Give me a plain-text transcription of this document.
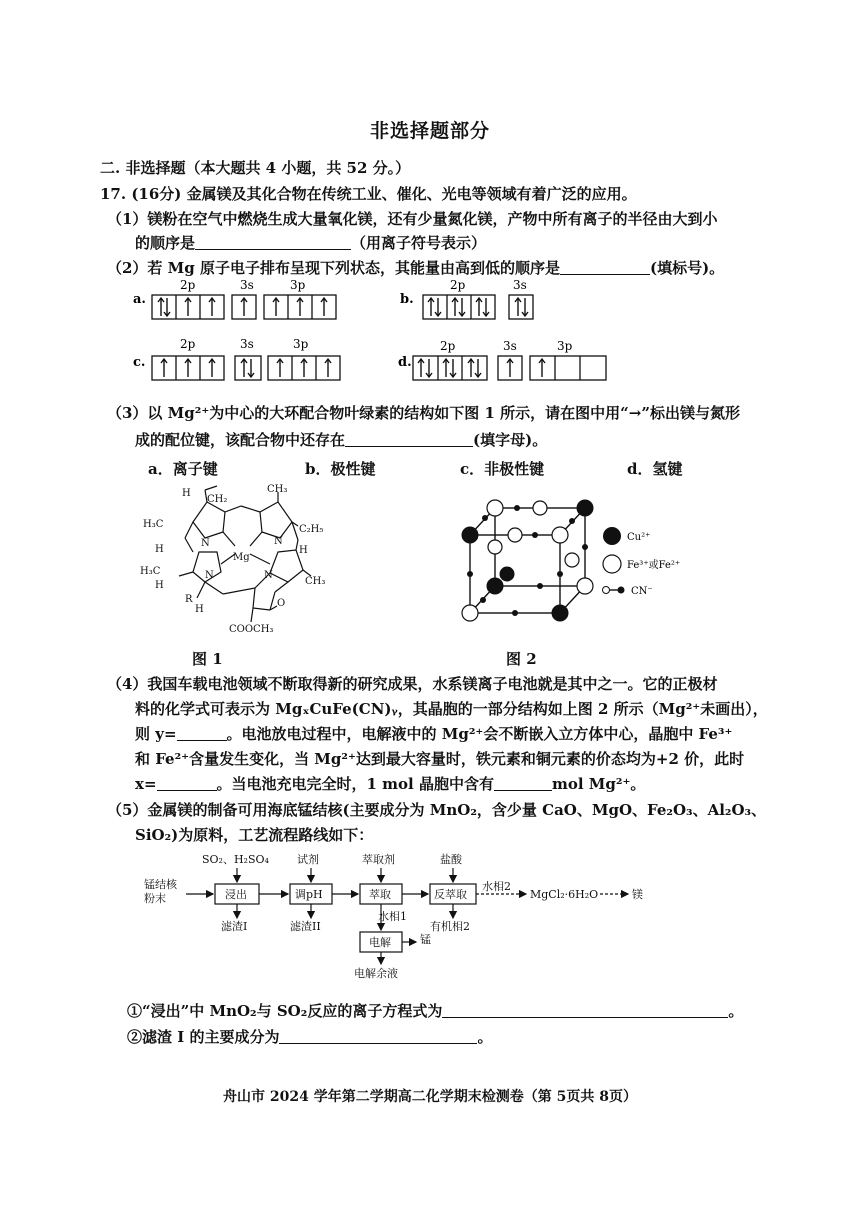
非选择题部分
二. 非选择题（本大题共 4 小题，共 52 分。）
17. (16分) 金属镁及其化合物在传统工业、催化、光电等领域有着广泛的应用。
（1）镁粉在空气中燃烧生成大量氧化镁，还有少量氮化镁，产物中所有离子的半径由大到小
的顺序是	（用离子符号表示）
（2）若 Mg 原子电子排布呈现下列状态，其能量由高到低的顺序是	(填标号)。
a.
2p	3s	3p
b.
2p	3s
c.
2p	3s	3p
d.
2p	3s	3p
（3）以 Mg²⁺为中心的大环配合物叶绿素的结构如下图 1 所示，请在图中用“→”标出镁与氮形
成的配位键，该配合物中还存在	(填字母)。
a．离子键	b．极性键	c．非极性键	d．氢键
H
CH₂
H₃C
CH₃
C₂H₅
H
N
Mg
N
H
H₃C
H
N	N
CH₃
R
H
O
COOCH₃
Cu²⁺
Fe³⁺或Fe²⁺
CN⁻
图 1	图 2
（4）我国车载电池领域不断取得新的研究成果，水系镁离子电池就是其中之一。它的正极材
料的化学式可表示为 MgₓCuFe(CN)ᵧ，其晶胞的一部分结构如上图 2 所示（Mg²⁺未画出），
则 y=	。电池放电过程中，电解液中的 Mg²⁺会不断嵌入立方体中心，晶胞中 Fe³⁺
和 Fe²⁺含量发生变化，当 Mg²⁺达到最大容量时，铁元素和铜元素的价态均为+2 价，此时
x=	。当电池充电完全时，1 mol 晶胞中含有	mol Mg²⁺。
（5）金属镁的制备可用海底锰结核(主要成分为 MnO₂，含少量 CaO、MgO、Fe₂O₃、Al₂O₃、
SiO₂)为原料，工艺流程路线如下：
锰结核
粉末
SO₂、H₂SO₄	试剂	萃取剂	盐酸
滤渣I	滤渣II
水相1
有机相2
水相2
锰
电解余液
MgCl₂·6H₂O	镁
浸出	调pH	萃取	反萃取
电解
①“浸出”中 MnO₂与 SO₂反应的离子方程式为	。
②滤渣 I 的主要成分为	。
舟山市 2024 学年第二学期高二化学期末检测卷（第 5页共 8页）
